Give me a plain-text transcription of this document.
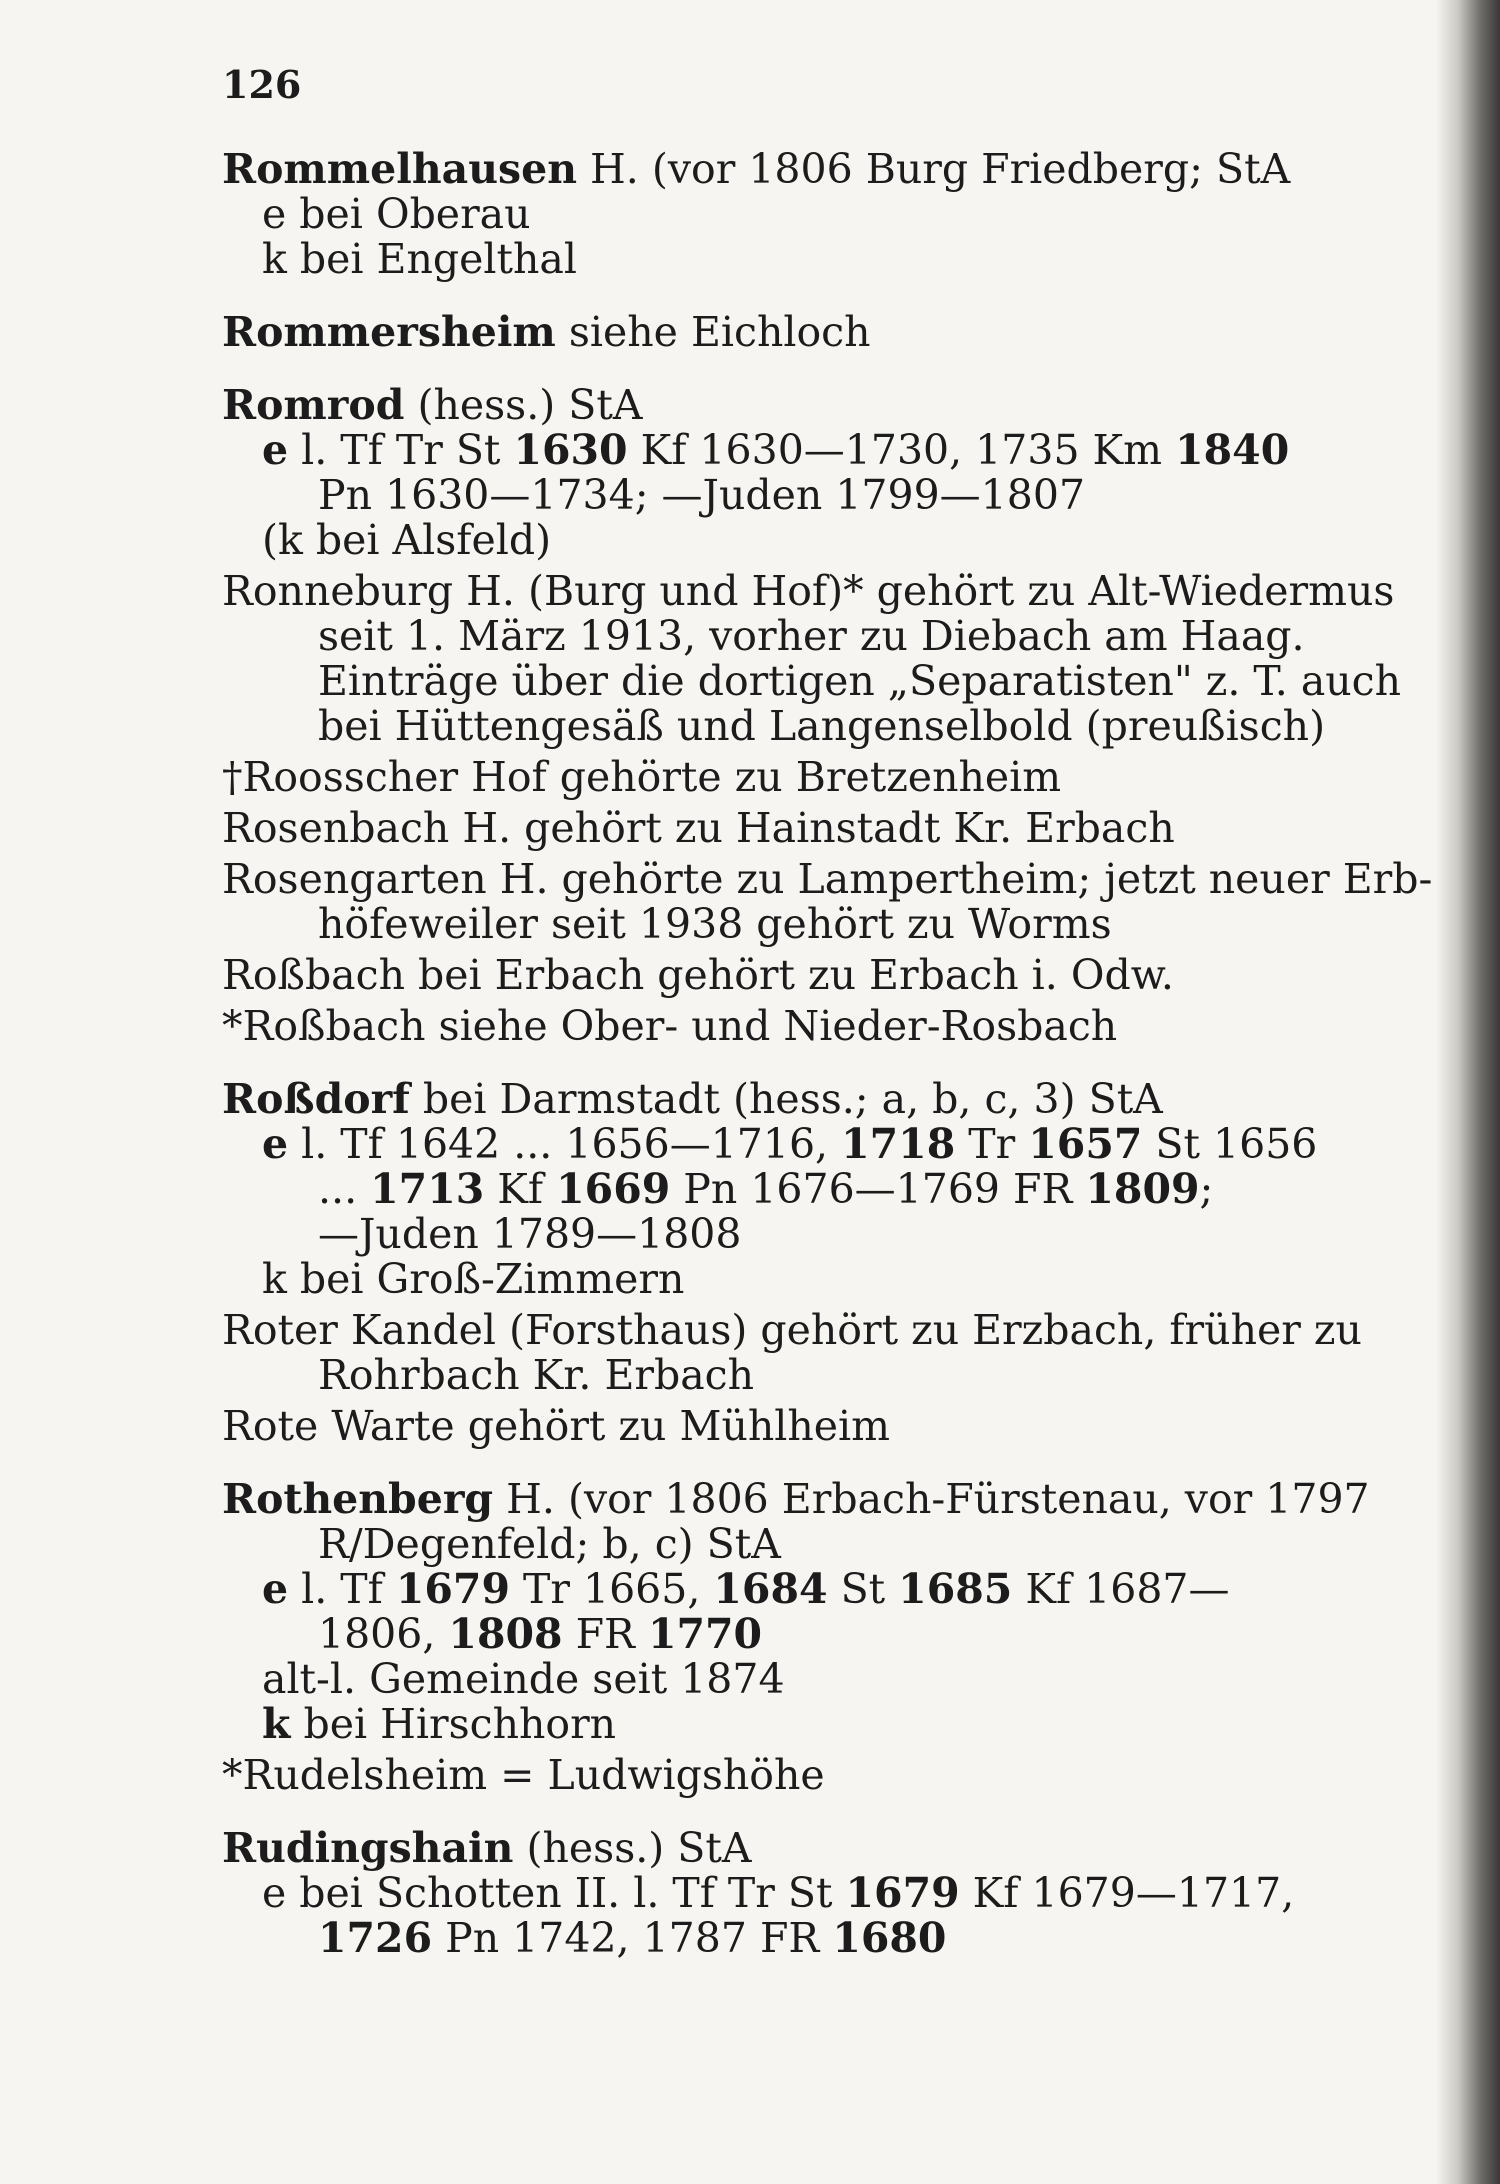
126
Rommelhausen H. (vor 1806 Burg Friedberg; StA
e bei Oberau
k bei Engelthal
Rommersheim siehe Eichloch
Romrod (hess.) StA
e l. Tf Tr St 1630 Kf 1630—1730, 1735 Km 1840
Pn 1630—1734; —Juden 1799—1807
(k bei Alsfeld)
Ronneburg H. (Burg und Hof)* gehört zu Alt-Wiedermus
seit 1. März 1913, vorher zu Diebach am Haag.
Einträge über die dortigen „Separatisten" z. T. auch
bei Hüttengesäß und Langenselbold (preußisch)
†Roosscher Hof gehörte zu Bretzenheim
Rosenbach H. gehört zu Hainstadt Kr. Erbach
Rosengarten H. gehörte zu Lampertheim; jetzt neuer Erb-
höfeweiler seit 1938 gehört zu Worms
Roßbach bei Erbach gehört zu Erbach i. Odw.
*Roßbach siehe Ober- und Nieder-Rosbach
Roßdorf bei Darmstadt (hess.; a, b, c, 3) StA
e l. Tf 1642 ... 1656—1716, 1718 Tr 1657 St 1656
... 1713 Kf 1669 Pn 1676—1769 FR 1809;
—Juden 1789—1808
k bei Groß-Zimmern
Roter Kandel (Forsthaus) gehört zu Erzbach, früher zu
Rohrbach Kr. Erbach
Rote Warte gehört zu Mühlheim
Rothenberg H. (vor 1806 Erbach-Fürstenau, vor 1797
R/Degenfeld; b, c) StA
e l. Tf 1679 Tr 1665, 1684 St 1685 Kf 1687—
1806, 1808 FR 1770
alt-l. Gemeinde seit 1874
k bei Hirschhorn
*Rudelsheim = Ludwigshöhe
Rudingshain (hess.) StA
e bei Schotten II. l. Tf Tr St 1679 Kf 1679—1717,
1726 Pn 1742, 1787 FR 1680
